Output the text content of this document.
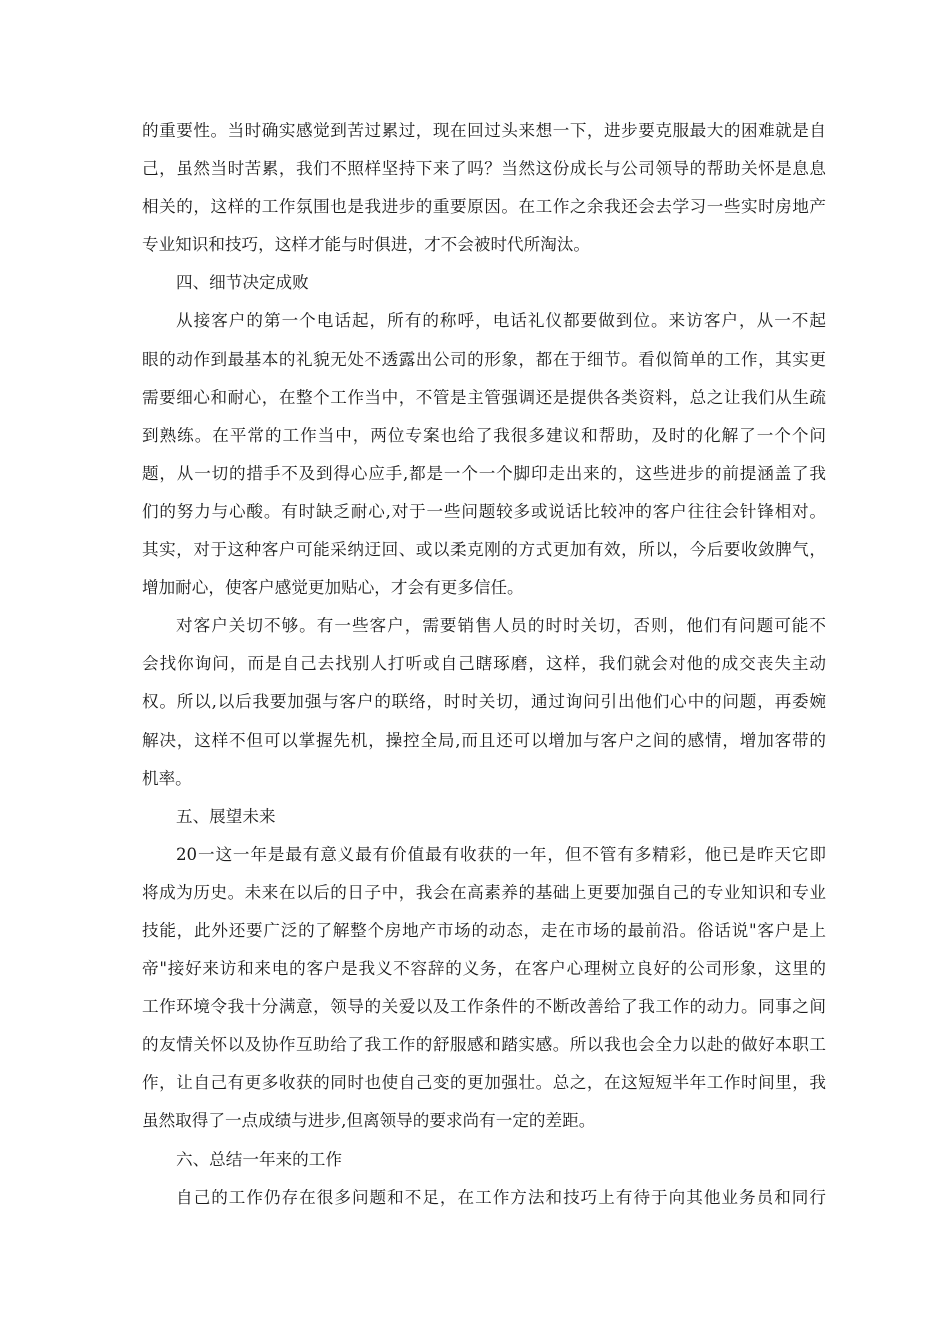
的重要性。当时确实感觉到苦过累过，现在回过头来想一下，进步要克服最大的困难就是自
己，虽然当时苦累，我们不照样坚持下来了吗？当然这份成长与公司领导的帮助关怀是息息
相关的，这样的工作氛围也是我进步的重要原因。在工作之余我还会去学习一些实时房地产
专业知识和技巧，这样才能与时俱进，才不会被时代所淘汰。
四、细节决定成败
从接客户的第一个电话起，所有的称呼，电话礼仪都要做到位。来访客户，从一不起
眼的动作到最基本的礼貌无处不透露出公司的形象，都在于细节。看似简单的工作，其实更
需要细心和耐心，在整个工作当中，不管是主管强调还是提供各类资料，总之让我们从生疏
到熟练。在平常的工作当中，两位专案也给了我很多建议和帮助，及时的化解了一个个问
题，从一切的措手不及到得心应手,都是一个一个脚印走出来的，这些进步的前提涵盖了我
们的努力与心酸。有时缺乏耐心,对于一些问题较多或说话比较冲的客户往往会针锋相对。
其实，对于这种客户可能采纳迂回、或以柔克刚的方式更加有效，所以，今后要收敛脾气，
增加耐心，使客户感觉更加贴心，才会有更多信任。
对客户关切不够。有一些客户，需要销售人员的时时关切，否则，他们有问题可能不
会找你询问，而是自己去找别人打听或自己瞎琢磨，这样，我们就会对他的成交丧失主动
权。所以,以后我要加强与客户的联络，时时关切，通过询问引出他们心中的问题，再委婉
解决，这样不但可以掌握先机，操控全局,而且还可以增加与客户之间的感情，增加客带的
机率。
五、展望未来
20一这一年是最有意义最有价值最有收获的一年，但不管有多精彩，他已是昨天它即
将成为历史。未来在以后的日子中，我会在高素养的基础上更要加强自己的专业知识和专业
技能，此外还要广泛的了解整个房地产市场的动态，走在市场的最前沿。俗话说"客户是上
帝"接好来访和来电的客户是我义不容辞的义务，在客户心理树立良好的公司形象，这里的
工作环境令我十分满意，领导的关爱以及工作条件的不断改善给了我工作的动力。同事之间
的友情关怀以及协作互助给了我工作的舒服感和踏实感。所以我也会全力以赴的做好本职工
作，让自己有更多收获的同时也使自己变的更加强壮。总之，在这短短半年工作时间里，我
虽然取得了一点成绩与进步,但离领导的要求尚有一定的差距。
六、总结一年来的工作
自己的工作仍存在很多问题和不足，在工作方法和技巧上有待于向其他业务员和同行
